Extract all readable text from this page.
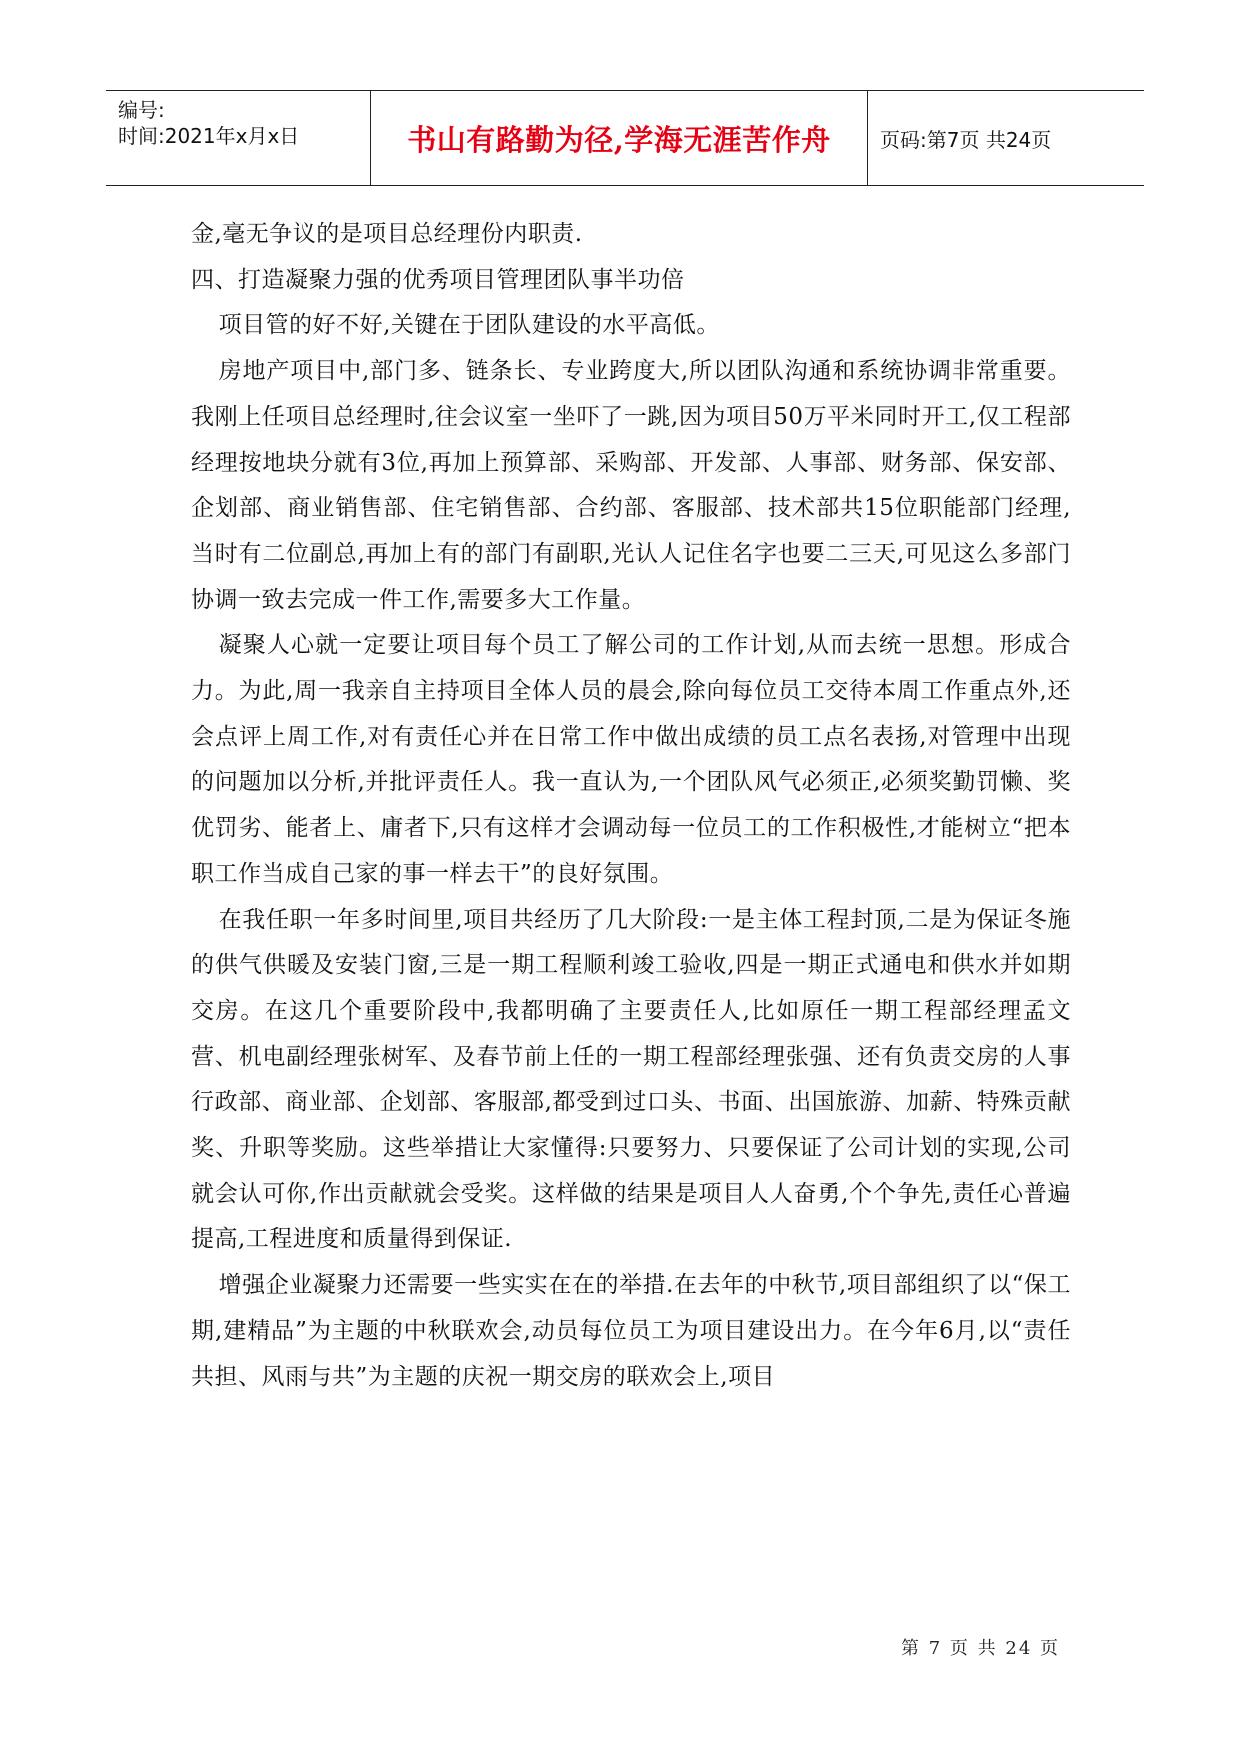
编号:
时间:2021年x月x日	书山有路勤为径,学海无涯苦作舟 页码:第7页 共24页

金,毫无争议的是项目总经理份内职责.

四、打造凝聚力强的优秀项目管理团队事半功倍

项目管的好不好,关键在于团队建设的水平高低。

房地产项目中,部门多、链条长、专业跨度大,所以团队沟通和系统协调非常重要。我刚上任项目总经理时,往会议室一坐吓了一跳,因为项目50万平米同时开工,仅工程部经理按地块分就有3位,再加上预算部、采购部、开发部、人事部、财务部、保安部、企划部、商业销售部、住宅销售部、合约部、客服部、技术部共15位职能部门经理,当时有二位副总,再加上有的部门有副职,光认人记住名字也要二三天,可见这么多部门协调一致去完成一件工作,需要多大工作量。

凝聚人心就一定要让项目每个员工了解公司的工作计划,从而去统一思想。形成合力。为此,周一我亲自主持项目全体人员的晨会,除向每位员工交待本周工作重点外,还会点评上周工作,对有责任心并在日常工作中做出成绩的员工点名表扬,对管理中出现的问题加以分析,并批评责任人。我一直认为,一个团队风气必须正,必须奖勤罚懒、奖优罚劣、能者上、庸者下,只有这样才会调动每一位员工的工作积极性,才能树立“把本职工作当成自己家的事一样去干”的良好氛围。

在我任职一年多时间里,项目共经历了几大阶段:一是主体工程封顶,二是为保证冬施的供气供暖及安装门窗,三是一期工程顺利竣工验收,四是一期正式通电和供水并如期交房。在这几个重要阶段中,我都明确了主要责任人,比如原任一期工程部经理孟文营、机电副经理张树军、及春节前上任的一期工程部经理张强、还有负责交房的人事行政部、商业部、企划部、客服部,都受到过口头、书面、出国旅游、加薪、特殊贡献奖、升职等奖励。这些举措让大家懂得:只要努力、只要保证了公司计划的实现,公司就会认可你,作出贡献就会受奖。这样做的结果是项目人人奋勇,个个争先,责任心普遍提高,工程进度和质量得到保证.

增强企业凝聚力还需要一些实实在在的举措.在去年的中秋节,项目部组织了以“保工期,建精品”为主题的中秋联欢会,动员每位员工为项目建设出力。在今年6月,以“责任共担、风雨与共”为主题的庆祝一期交房的联欢会上,项目

第 7 页 共 24 页
